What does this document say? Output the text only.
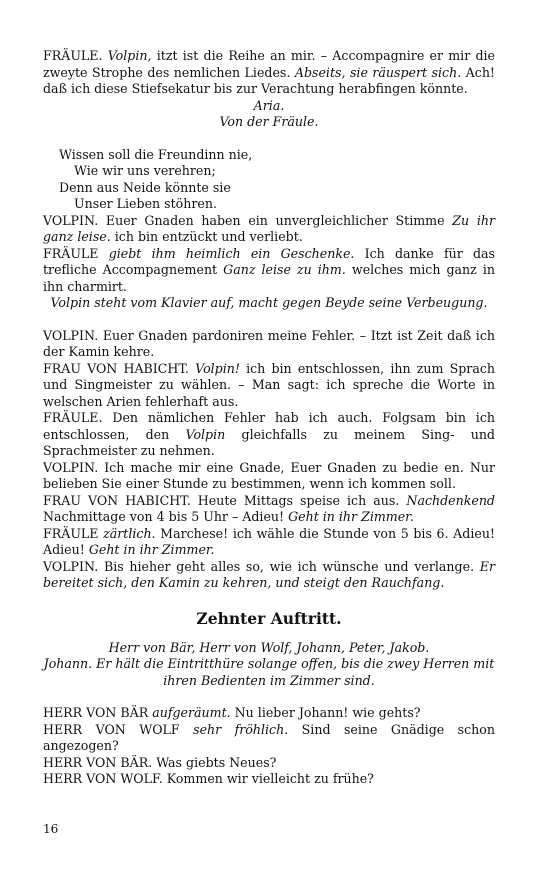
FRÄULE. Volpin, itzt ist die Reihe an mir. – Accompagnire er mir die zweyte Strophe des nemlichen Liedes. Abseits, sie räuspert sich. Ach! daß ich diese Stiefsekatur bis zur Verachtung herabfingen könnte.

Aria.

Von der Fräule.

Wissen soll die Freundinn nie,
Wie wir uns verehren;
Denn aus Neide könnte sie
Unser Lieben stöhren.

VOLPIN. Euer Gnaden haben ein unvergleichlicher Stimme Zu ihr ganz leise. ich bin entzückt und verliebt.

FRÄULE giebt ihm heimlich ein Geschenke. Ich danke für das trefliche Accompagnement Ganz leise zu ihm. welches mich ganz in ihn charmirt.

Volpin steht vom Klavier auf, macht gegen Beyde seine Verbeugung.

VOLPIN. Euer Gnaden pardoniren meine Fehler. – Itzt ist Zeit daß ich der Kamin kehre.

FRAU VON HABICHT. Volpin! ich bin entschlossen, ihn zum Sprach und Singmeister zu wählen. – Man sagt: ich spreche die Worte in welschen Arien fehlerhaft aus.

FRÄULE. Den nämlichen Fehler hab ich auch. Folgsam bin ich entschlossen, den Volpin gleichfalls zu meinem Sing- und Sprachmeister zu nehmen.

VOLPIN. Ich mache mir eine Gnade, Euer Gnaden zu bedie en. Nur belieben Sie einer Stunde zu bestimmen, wenn ich kommen soll.

FRAU VON HABICHT. Heute Mittags speise ich aus. Nachdenkend Nachmittage von 4 bis 5 Uhr – Adieu! Geht in ihr Zimmer.

FRÄULE zärtlich. Marchese! ich wähle die Stunde von 5 bis 6. Adieu! Adieu! Geht in ihr Zimmer.

VOLPIN. Bis hieher geht alles so, wie ich wünsche und verlange. Er bereitet sich, den Kamin zu kehren, und steigt den Rauchfang.

Zehnter Auftritt.

Herr von Bär, Herr von Wolf, Johann, Peter, Jakob.

Johann. Er hält die Eintritthüre solange offen, bis die zwey Herren mit ihren Bedienten im Zimmer sind.

HERR VON BÄR aufgeräumt. Nu lieber Johann! wie gehts?

HERR VON WOLF sehr fröhlich. Sind seine Gnädige schon angezogen?

HERR VON BÄR. Was giebts Neues?

HERR VON WOLF. Kommen wir vielleicht zu frühe?

16
